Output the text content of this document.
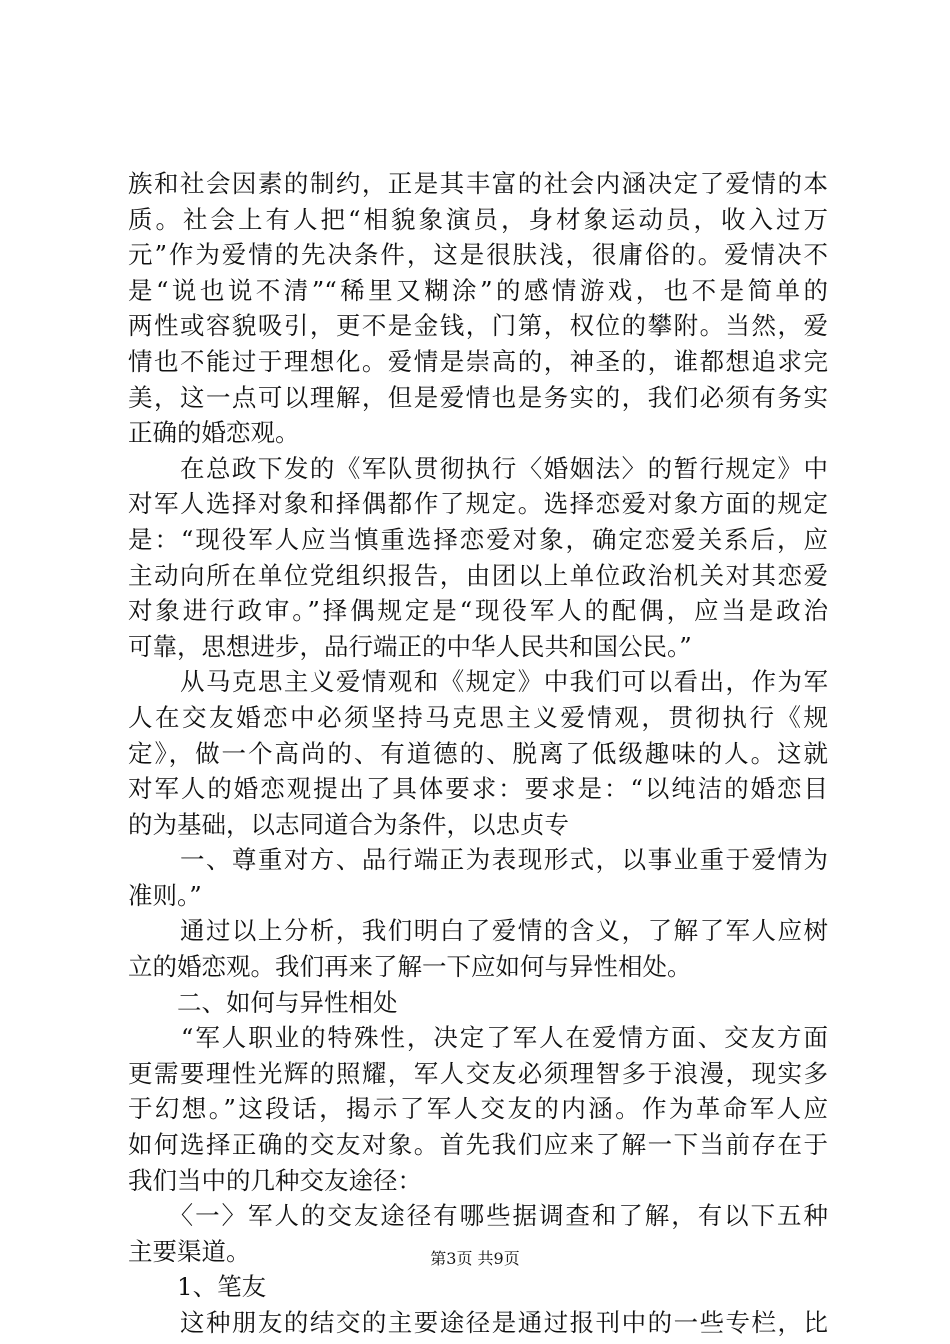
族和社会因素的制约，正是其丰富的社会内涵决定了爱情的本
质。社会上有人把“相貌象演员，身材象运动员，收入过万
元”作为爱情的先决条件，这是很肤浅，很庸俗的。爱情决不
是“说也说不清”“稀里又糊涂”的感情游戏，也不是简单的
两性或容貌吸引，更不是金钱，门第，权位的攀附。当然，爱
情也不能过于理想化。爱情是崇高的，神圣的，谁都想追求完
美，这一点可以理解，但是爱情也是务实的，我们必须有务实
正确的婚恋观。
　　在总政下发的《军队贯彻执行〈婚姻法〉的暂行规定》中
对军人选择对象和择偶都作了规定。选择恋爱对象方面的规定
是：“现役军人应当慎重选择恋爱对象，确定恋爱关系后，应
主动向所在单位党组织报告，由团以上单位政治机关对其恋爱
对象进行政审。”择偶规定是“现役军人的配偶，应当是政治
可靠，思想进步，品行端正的中华人民共和国公民。”
　　从马克思主义爱情观和《规定》中我们可以看出，作为军
人在交友婚恋中必须坚持马克思主义爱情观，贯彻执行《规
定》，做一个高尚的、有道德的、脱离了低级趣味的人。这就
对军人的婚恋观提出了具体要求：要求是：“以纯洁的婚恋目
的为基础，以志同道合为条件，以忠贞专
　　一、尊重对方、品行端正为表现形式，以事业重于爱情为
准则。”
　　通过以上分析，我们明白了爱情的含义，了解了军人应树
立的婚恋观。我们再来了解一下应如何与异性相处。
　　二、如何与异性相处
　　“军人职业的特殊性，决定了军人在爱情方面、交友方面
更需要理性光辉的照耀，军人交友必须理智多于浪漫，现实多
于幻想。”这段话，揭示了军人交友的内涵。作为革命军人应
如何选择正确的交友对象。首先我们应来了解一下当前存在于
我们当中的几种交友途径：
　　〈一〉军人的交友途径有哪些据调查和了解，有以下五种
主要渠道。
　　1、笔友
　　这种朋友的结交的主要途径是通过报刊中的一些专栏，比
第3页 共9页
